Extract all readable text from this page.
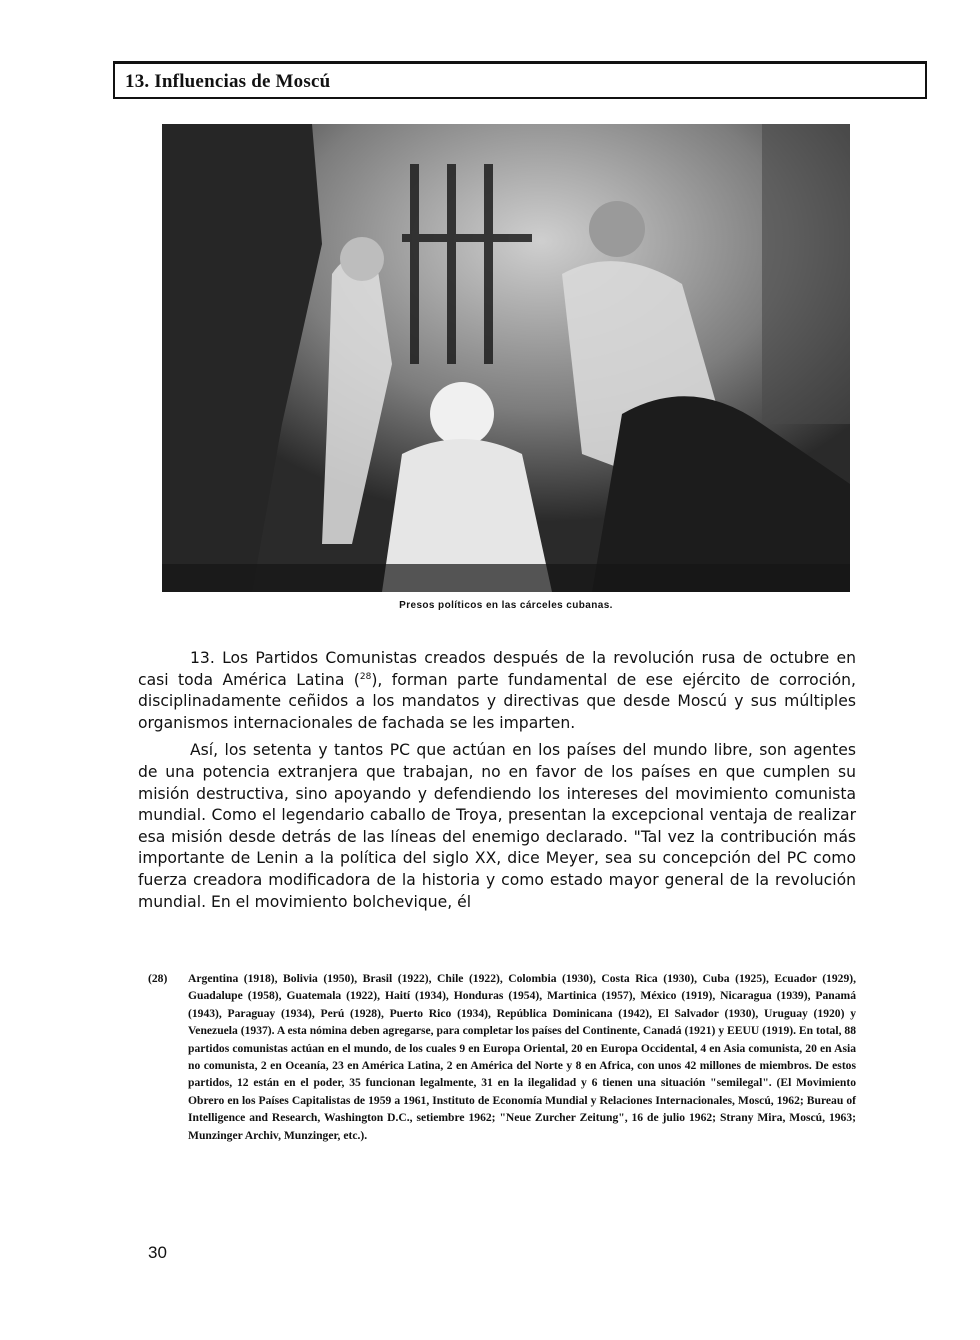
13. Influencias de Moscú
Presos políticos en las cárceles cubanas.

13. Los Partidos Comunistas creados después de la revolución rusa de octubre en casi toda América Latina ($^{28}$), forman parte fundamental de ese ejército de corroción, disciplinadamente ceñidos a los mandatos y directivas que desde Moscú y sus múltiples organismos internacionales de fachada se les imparten.

Así, los setenta y tantos PC que actúan en los países del mundo libre, son agentes de una potencia extranjera que trabajan, no en favor de los países en que cumplen su misión destructiva, sino apoyando y defendiendo los intereses del movimiento comunista mundial. Como el legendario caballo de Troya, presentan la excepcional ventaja de realizar esa misión desde detrás de las líneas del enemigo declarado. "Tal vez la contribución más importante de Lenin a la política del siglo XX, dice Meyer, sea su concepción del PC como fuerza creadora modificadora de la historia y como estado mayor general de la revolución mundial. En el movimiento bolchevique, él

(28) Argentina (1918), Bolivia (1950), Brasil (1922), Chile (1922), Colombia (1930), Costa Rica (1930), Cuba (1925), Ecuador (1929), Guadalupe (1958), Guatemala (1922), Haití (1934), Honduras (1954), Martinica (1957), México (1919), Nicaragua (1939), Panamá (1943), Paraguay (1934), Perú (1928), Puerto Rico (1934), República Dominicana (1942), El Salvador (1930), Uruguay (1920) y Venezuela (1937). A esta nómina deben agregarse, para completar los países del Continente, Canadá (1921) y EEUU (1919). En total, 88 partidos comunistas actúan en el mundo, de los cuales 9 en Europa Oriental, 20 en Europa Occidental, 4 en Asia comunista, 20 en Asia no comunista, 2 en Oceanía, 23 en América Latina, 2 en América del Norte y 8 en Africa, con unos 42 millones de miembros. De estos partidos, 12 están en el poder, 35 funcionan legalmente, 31 en la ilegalidad y 6 tienen una situación "semilegal". (El Movimiento Obrero en los Países Capitalistas de 1959 a 1961, Instituto de Economía Mundial y Relaciones Internacionales, Moscú, 1962; Bureau of Intelligence and Research, Washington D.C., setiembre 1962; "Neue Zurcher Zeitung", 16 de julio 1962; Strany Mira, Moscú, 1963; Munzinger Archiv, Munzinger, etc.).
30
